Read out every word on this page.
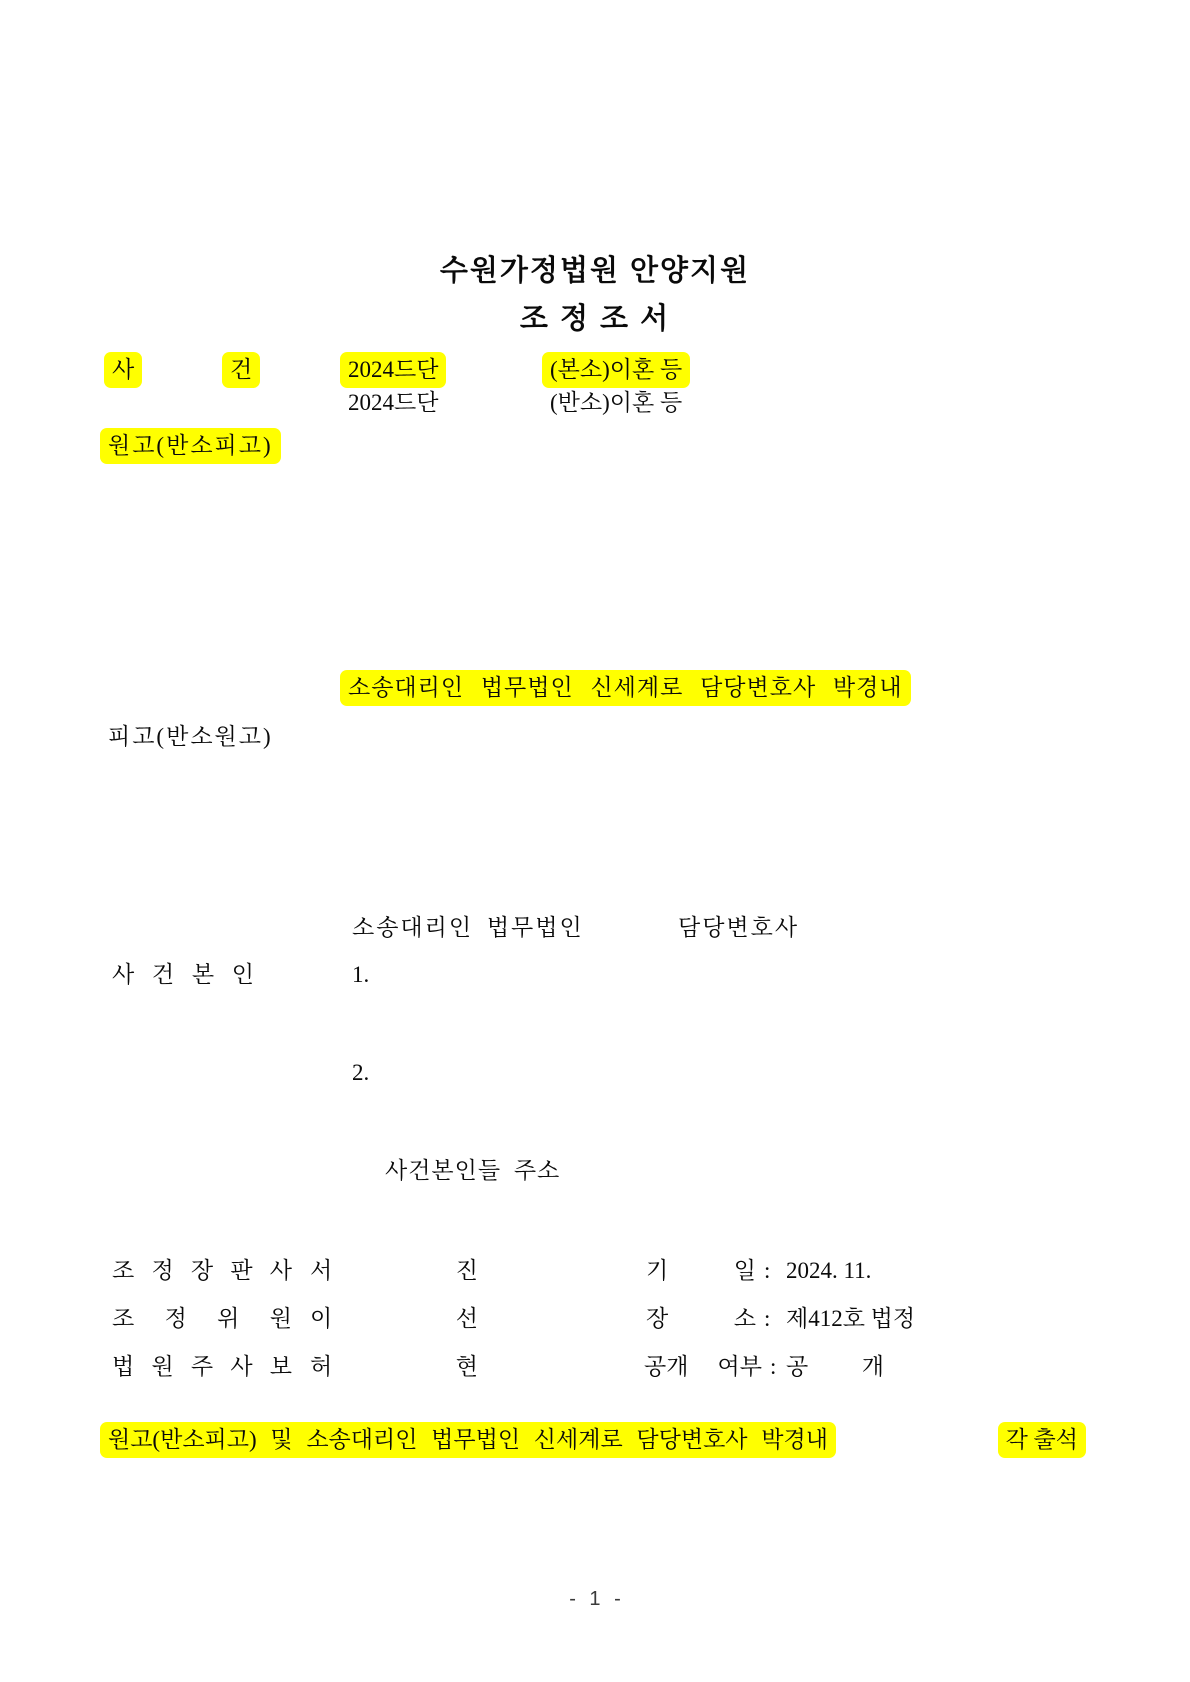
수원가정법원 안양지원
조 정 조 서
사	건	2024드단	(본소)이혼 등
2024드단	(반소)이혼 등
원고(반소피고)
소송대리인 법무법인 신세계로 담당변호사 박경내
피고(반소원고)
소송대리인 법무법인	담당변호사
사 건 본 인	1.
2.
사건본인들 주소
조 정 장 판 사 서 진	기 일 : 2024. 11.
조 정 위 원 이 선	장 소 : 제412호 법정
법 원 주 사 보 허 현	공개 여부 : 공 개
원고(반소피고) 및 소송대리인 법무법인 신세계로 담당변호사 박경내	각 출석
- 1 -
